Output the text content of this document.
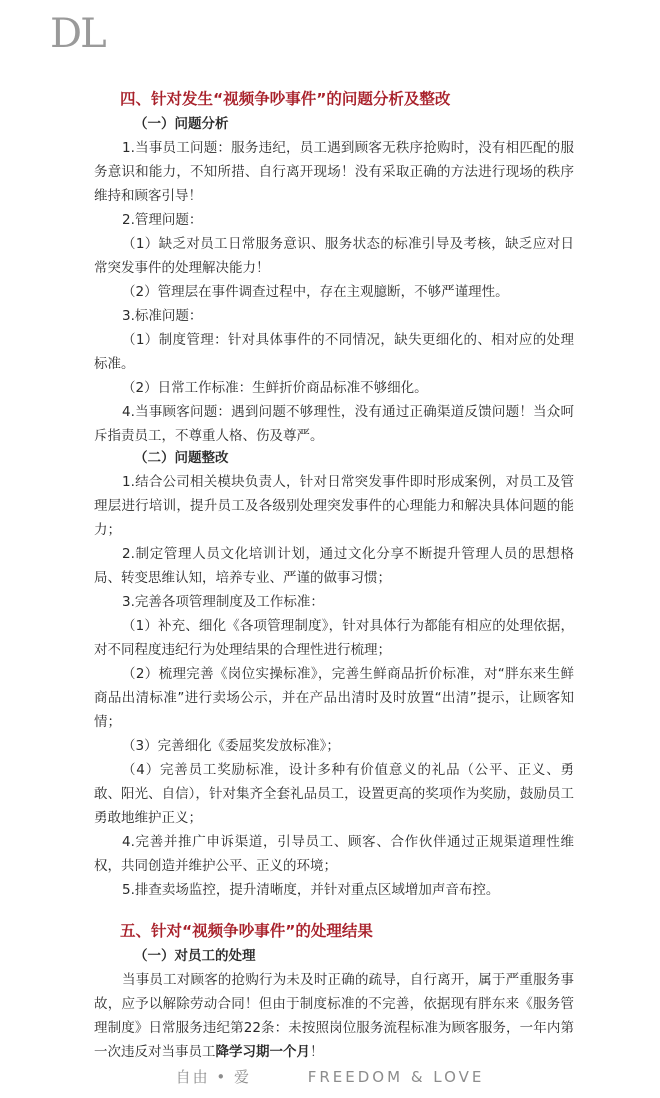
DL
四、针对发生“视频争吵事件”的问题分析及整改
（一）问题分析

1.当事员工问题：服务违纪，员工遇到顾客无秩序抢购时，没有相匹配的服务意识和能力，不知所措、自行离开现场！没有采取正确的方法进行现场的秩序维持和顾客引导！

2.管理问题：

（1）缺乏对员工日常服务意识、服务状态的标准引导及考核，缺乏应对日常突发事件的处理解决能力！

（2）管理层在事件调查过程中，存在主观臆断，不够严谨理性。

3.标准问题：

（1）制度管理：针对具体事件的不同情况，缺失更细化的、相对应的处理标准。

（2）日常工作标准：生鲜折价商品标准不够细化。

4.当事顾客问题：遇到问题不够理性，没有通过正确渠道反馈问题！当众呵斥指责员工，不尊重人格、伤及尊严。

（二）问题整改

1.结合公司相关模块负责人，针对日常突发事件即时形成案例，对员工及管理层进行培训，提升员工及各级别处理突发事件的心理能力和解决具体问题的能力；

2.制定管理人员文化培训计划，通过文化分享不断提升管理人员的思想格局、转变思维认知，培养专业、严谨的做事习惯；

3.完善各项管理制度及工作标准：

（1）补充、细化《各项管理制度》，针对具体行为都能有相应的处理依据，对不同程度违纪行为处理结果的合理性进行梳理；

（2）梳理完善《岗位实操标准》，完善生鲜商品折价标准，对“胖东来生鲜商品出清标准”进行卖场公示，并在产品出清时及时放置“出清”提示，让顾客知情；

（3）完善细化《委屈奖发放标准》；

（4）完善员工奖励标准，设计多种有价值意义的礼品（公平、正义、勇敢、阳光、自信），针对集齐全套礼品员工，设置更高的奖项作为奖励，鼓励员工勇敢地维护正义；

4.完善并推广申诉渠道，引导员工、顾客、合作伙伴通过正规渠道理性维权，共同创造并维护公平、正义的环境；

5.排查卖场监控，提升清晰度，并针对重点区域增加声音布控。

五、针对“视频争吵事件”的处理结果
（一）对员工的处理

当事员工对顾客的抢购行为未及时正确的疏导，自行离开，属于严重服务事故，应予以解除劳动合同！但由于制度标准的不完善，依据现有胖东来《服务管理制度》日常服务违纪第22条：未按照岗位服务流程标准为顾客服务，一年内第一次违反对当事员工降学习期一个月！

自由 • 爱	FREEDOM & LOVE
